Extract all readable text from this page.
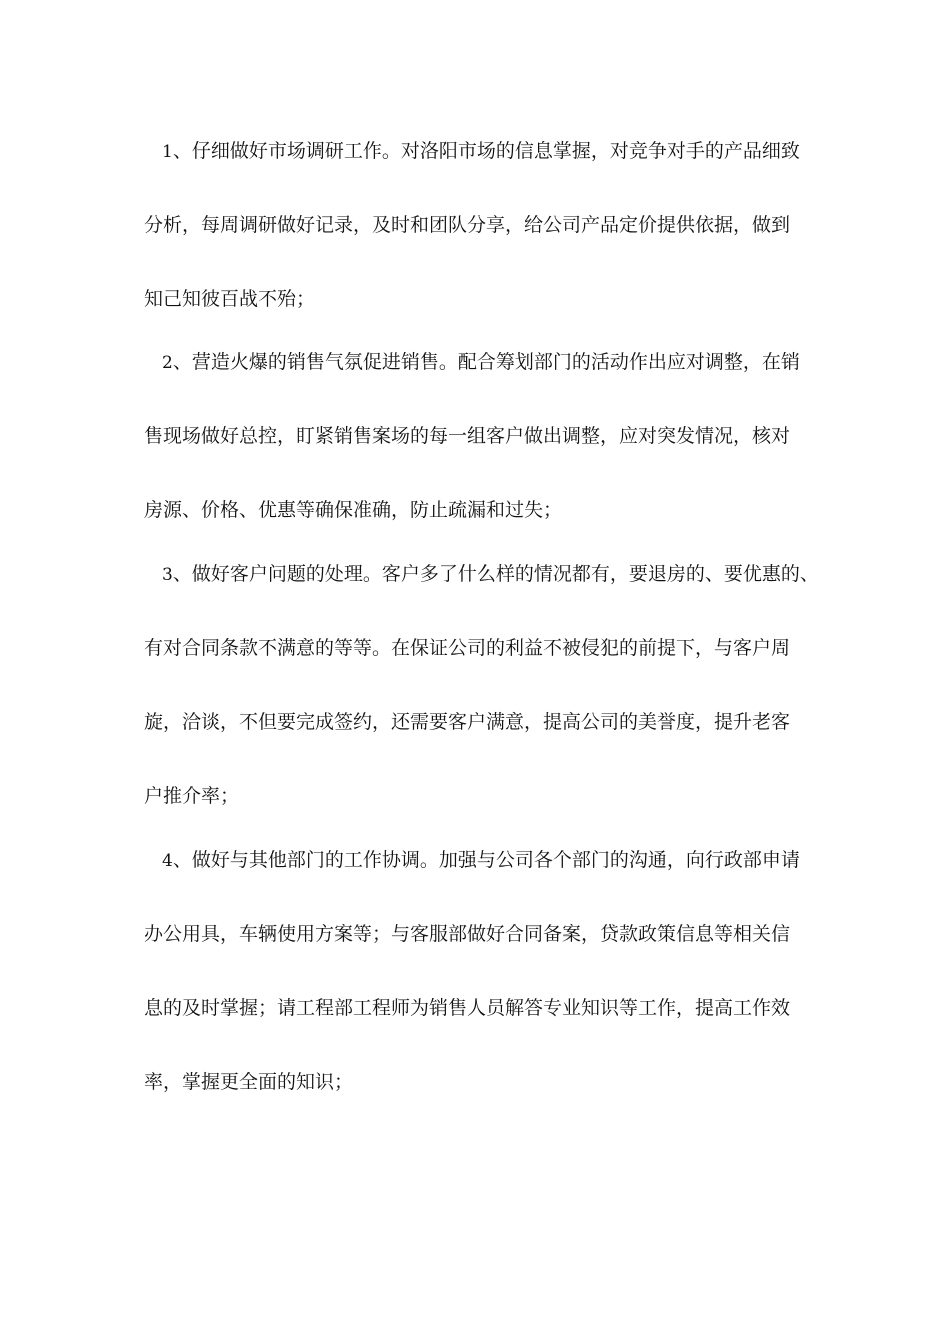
1、仔细做好市场调研工作。对洛阳市场的信息掌握，对竞争对手的产品细致
分析，每周调研做好记录，及时和团队分享，给公司产品定价提供依据，做到
知己知彼百战不殆；
2、营造火爆的销售气氛促进销售。配合筹划部门的活动作出应对调整，在销
售现场做好总控，盯紧销售案场的每一组客户做出调整，应对突发情况，核对
房源、价格、优惠等确保准确，防止疏漏和过失；
3、做好客户问题的处理。客户多了什么样的情况都有，要退房的、要优惠的、
有对合同条款不满意的等等。在保证公司的利益不被侵犯的前提下，与客户周
旋，洽谈，不但要完成签约，还需要客户满意，提高公司的美誉度，提升老客
户推介率；
4、做好与其他部门的工作协调。加强与公司各个部门的沟通，向行政部申请
办公用具，车辆使用方案等；与客服部做好合同备案，贷款政策信息等相关信
息的及时掌握；请工程部工程师为销售人员解答专业知识等工作，提高工作效
率，掌握更全面的知识；
